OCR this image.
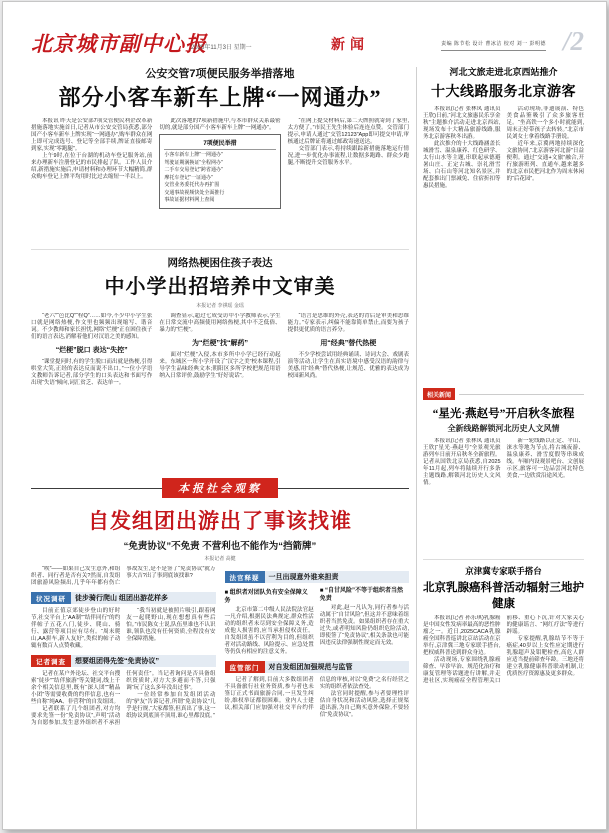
北京城市副中心报
2025年11月3日 星期一	新闻	责编 陈节松 设计 曹冰洁 校对 刘一 彭明德 /2
公安交管7项便民服务举措落地
部分小客车新车上牌“一网通办”

本报讯 昨天是公安部7项交管便民利企改革新措施落地实施首日,记者从市公安交管局获悉,部分国产小客车新车上牌实现“一网通办”,购车群众在网上即可完成选号、登记等全部手续,牌证直接邮寄到家,实现“零跑腿”。

上午9时,在位于台湖的机动车登记服务站,前来办理新车注册登记的市民排起了队。工作人员介绍,新措施实施后,申请材料和办理环节大幅精简,群众购车登记上牌平均用时比过去缩短一半以上。

此次落地的7项新措施中,与本市群众关系最密切的,就是部分国产小客车新车上牌“一网通办”。

7项便民举措

小客车新车上牌“一网通办”

驾驶证期满换证“全程网办”

二手车交易登记“跨省通办”

摩托车登记“一证通办”

交管业务委托代办再扩围

交通事故视频快处全面推行

事故证据材料网上查阅

“在网上提交材料后,第二天牌照就寄到了家里,太方便了。”市民王先生体验后连连点赞。交管部门提示,申请人通过“交管12123”App即可提交申请,审核通过后牌证将通过邮政寄递送达。

交管部门表示,将持续跟踪新措施落地运行情况,进一步优化办事流程,让数据多跑路、群众少跑腿,不断提升交管服务水平。

网络热梗困住孩子表达
中小学出招培养中文审美
本报记者 李祺瑶 金瑶

“老六”“芭比Q”“栓Q”……如今,不少中小学生张口就是网络热梗,作文里也频频出现缩写、谐音词。不少教师和家长担忧,网络“烂梗”正在困住孩子们的语言表达,消解着他们对汉语之美的感知。

“烂梗”脱口 表达“失控”

“课堂提问时,有的学生脱口而出就是热梗,引得哄堂大笑,正经的表达反而说不出口。”一位小学语文教师告诉记者,部分学生的口头表达和书面写作出现“失语”倾向,词汇贫乏、表达单一。

调查显示,超过七成受访中小学教师表示,学生在日常交流中高频使用网络热梗,其中不乏低俗、暴力的“烂梗”。

为“烂梗”找“解药”

面对“烂梗”入侵,本市多所中小学已经行动起来。东城区一所小学开设了“汉字之美”校本课程,引导学生品味经典文本;朝阳区多所学校把规范用语纳入日常评价,鼓励学生“好好说话”。

“语言是思维的外壳,表达的背后是审美和思维能力。”专家表示,纠偏不能靠简单禁止,而要为孩子提供更优质的语言养分。

用“经典”替代热梗

不少学校尝试用经典诵读、诗词大会、戏剧表演等活动,让学生在真实语境中感受汉语的韵律与美感,用“经典”替代热梗,让规范、优雅的表达成为校园新风尚。

本报社会观察
自发组团出游出了事该找谁
“免责协议”不免责 不营利也不能作为“挡箭牌”
本报记者 高健

“唉”——如果自己发生意外,和组织者、同行者是否有关?然而,自发组团旅游风险频出,几乎年年都有伤亡事故发生,是不是签了“免责协议”就万事大吉?出了事到底该找谁?

状况调研	徒步骑行爬山 组团出游花样多

目前正值京郊徒步登山的好时节,社交平台上“AA制”“结伴同行”的约伴帖子五花八门,徒步、爬山、骑行、露营等项目应有尽有。“周末爬山,AA拼车,新人友好”,类似的帖子动辄有数百人点赞收藏。

“我当初就是被照片吸引,跟着网友一起爬野山,现在想想真有些后怕。”市民陈女士说,队伍里谁也不认识谁,领队也没有任何资质,全程没有安全保障措施。

记者调查	想要组团得先签“免责协议”

记者在某户外论坛、社交平台搜索“徒步”“结伴旅游”等关键词,线上千余个相关信息里,既有“深人团”“精品小团”等需要收费的约伴信息,也有一些自称“纯AA、非营利”的自发组团。

记者联系了几个组团者,对方均要求先签一份“免责协议”,声明“活动为自愿参加,发生意外组织者不承担任何责任”。当记者询问是否具备组织资质时,对方大多避而不答,只强调“玩了这么多年没出过事”。

一位经常参加自发组团活动的“驴友”告诉记者,所谓“免责协议”几乎是行规,“大家都签,但真出了事,这一纸协议到底顶不顶用,谁心里都没底。”

法官释疑	一旦出现意外谁来担责

■ 组织者对团队负有安全保障义务

北京市第二中级人民法院法官赵一凡介绍,根据民法典规定,群众性活动的组织者未尽到安全保障义务,造成他人损害的,应当承担侵权责任。自发组团虽不以营利为目的,但组织者对活动路线、风险提示、应急处置等仍负有相应的注意义务。

■ “自甘风险”不等于组织者当然免责

对此,赵一凡认为,同行者参与活动属于“自甘风险”,但这并不意味着组织者当然免责。如果组织者存在重大过失,或者明知风险仍组织危险活动,即使签了“免责协议”,相关条款也可能因违反法律强制性规定而无效。

监管部门	对自发组团加强规范与监管

记者了解到,目前大多数组团者不具备旅行社业务资质,参与者也未签订正式书面旅游合同,一旦发生纠纷,维权举证都很困难。业内人士建议,相关部门应加强对社交平台约伴信息的审核,对以“免费”之名行经营之实的组织者依法查处。

法官同时提醒,参与者要理性评估自身状况和活动风险,选择正规渠道出游,为自己购买意外保险,不要轻信“免责协议”。

河北文旅走进北京西站推介
十大线路服务北京游客

本报讯(记者 张林凤 通讯员 王欣)日前,“河北文旅惠民乐享金秋”主题推介活动走进北京西站,现场发布十大精品旅游线路,服务北京游客秋冬出游。

此次推介的十大线路涵盖长城滑雪、温泉康养、红色研学、太行山水等主题,串联起承德避暑山庄、正定古城、崇礼滑雪场、白石山等河北知名景区,并配套推出门票减免、住宿折扣等惠民措施。

活动现场,非遗展演、特色美食品鉴吸引了众多旅客驻足。“坐高铁一个多小时就能到,周末正好带孩子去转转。”北京市民刘女士拿着线路手册说。

近年来,京冀两地持续深化文旅协同,“北京游客河北游”日益便利。通过“交通+文旅”融合,开行旅游班列、直通车,越来越多的北京市民把河北作为周末休闲的“后花园”。

相关新闻
“星光·燕赵号”开启秋冬旅程
全新线路解锁河北历史人文风情

本报讯(记者 张林凤 通讯员 王欣)“星光·燕赵号”全景观光旅游列车日前开启秋冬全新旅程。记者从国铁北京局获悉,自2025年11月起,列车将陆续开行多条主题线路,解锁河北历史人文风情。

新一轮线路以正定、平山、涞水等地为节点,将古城夜游、温泉康养、滑雪度假等串珠成线。车厢内设观景吧台、文创展示区,旅客可一边品尝河北特色美食,一边欣赏沿途风光。

京津冀专家联手搭台
北京乳腺癌科普活动辐射三地护健康

本报讯(记者 孙乐琪)乳腺癌是中国女性发病率最高的恶性肿瘤之一。近日,2025CACA乳腺癌全国科普巡讲北京站活动在京举行,京津冀三地专家联手搭台,把权威科普送到群众身边。

活动现场,专家围绕乳腺癌筛查、早诊早治、规范化治疗和康复管理等话题进行讲解,并走进社区,实现癌症全程管理关口前移、重心下沉,针对大家关心的健康谣言、“网红疗法”等进行辟谣。

专家提醒,乳腺结节不等于癌症,40岁以上女性应定期进行乳腺超声及钼靶检查,高危人群应适当提前筛查年龄。三地还将建立乳腺健康科普联动机制,让优质医疗资源惠及更多群众。
